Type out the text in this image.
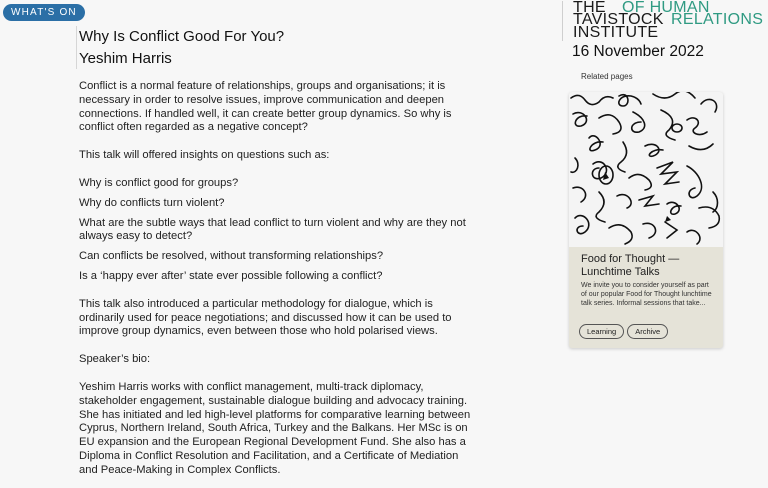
WHAT'S ON
Why Is Conflict Good For You?
Yeshim Harris

Conflict is a normal feature of relationships, groups and organisations; it is necessary in order to resolve issues, improve communication and deepen connections. If handled well, it can create better group dynamics. So why is conflict often regarded as a negative concept?

This talk will offered insights on questions such as:

Why is conflict good for groups?

Why do conflicts turn violent?

What are the subtle ways that lead conflict to turn violent and why are they not always easy to detect?

Can conflicts be resolved, without transforming relationships?

Is a ‘happy ever after’ state ever possible following a conflict?

This talk also introduced a particular methodology for dialogue, which is ordinarily used for peace negotiations; and discussed how it can be used to improve group dynamics, even between those who hold polarised views.

Speaker’s bio:

Yeshim Harris works with conflict management, multi-track diplomacy, stakeholder engagement, sustainable dialogue building and advocacy training. She has initiated and led high-level platforms for comparative learning between Cyprus, Northern Ireland, South Africa, Turkey and the Balkans. Her MSc is on EU expansion and the European Regional Development Fund. She also has a Diploma in Conflict Resolution and Facilitation, and a Certificate of Mediation and Peace-Making in Complex Conflicts.

THE OF HUMAN
TAVISTOCK RELATIONS
INSTITUTE
16 November 2022
Related pages
Food for Thought — Lunchtime Talks
We invite you to consider yourself as part of our popular Food for Thought lunchtime talk series. Informal sessions that take...
Learning	Archive
